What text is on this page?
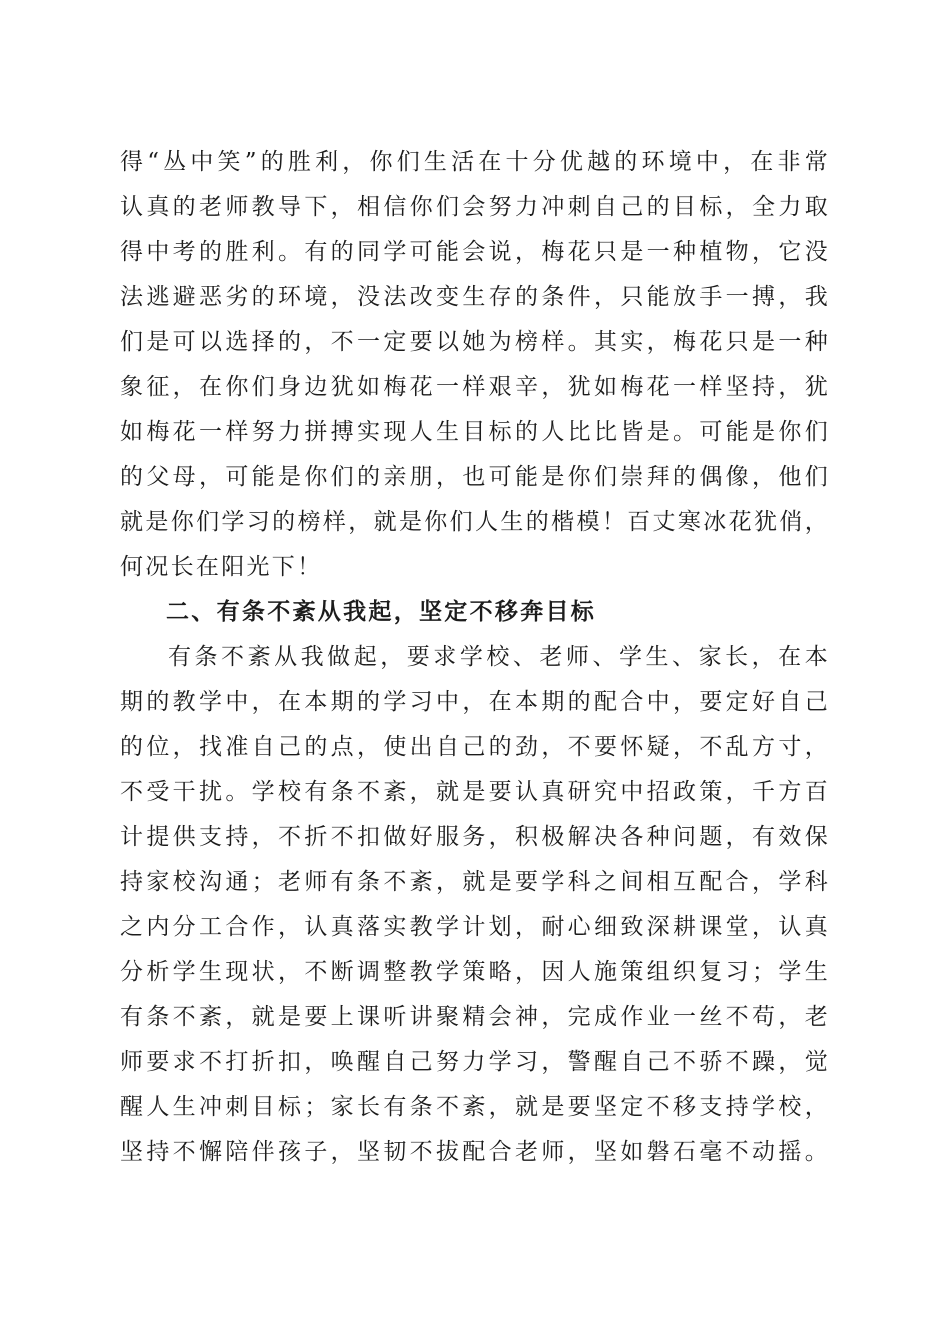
得“丛中笑”的胜利，你们生活在十分优越的环境中，在非常
认真的老师教导下，相信你们会努力冲刺自己的目标，全力取
得中考的胜利。有的同学可能会说，梅花只是一种植物，它没
法逃避恶劣的环境，没法改变生存的条件，只能放手一搏，我
们是可以选择的，不一定要以她为榜样。其实，梅花只是一种
象征，在你们身边犹如梅花一样艰辛，犹如梅花一样坚持，犹
如梅花一样努力拼搏实现人生目标的人比比皆是。可能是你们
的父母，可能是你们的亲朋，也可能是你们崇拜的偶像，他们
就是你们学习的榜样，就是你们人生的楷模！百丈寒冰花犹俏，
何况长在阳光下！
二、有条不紊从我起，坚定不移奔目标
有条不紊从我做起，要求学校、老师、学生、家长，在本
期的教学中，在本期的学习中，在本期的配合中，要定好自己
的位，找准自己的点，使出自己的劲，不要怀疑，不乱方寸，
不受干扰。学校有条不紊，就是要认真研究中招政策，千方百
计提供支持，不折不扣做好服务，积极解决各种问题，有效保
持家校沟通；老师有条不紊，就是要学科之间相互配合，学科
之内分工合作，认真落实教学计划，耐心细致深耕课堂，认真
分析学生现状，不断调整教学策略，因人施策组织复习；学生
有条不紊，就是要上课听讲聚精会神，完成作业一丝不苟，老
师要求不打折扣，唤醒自己努力学习，警醒自己不骄不躁，觉
醒人生冲刺目标；家长有条不紊，就是要坚定不移支持学校，
坚持不懈陪伴孩子，坚韧不拔配合老师，坚如磐石毫不动摇。
